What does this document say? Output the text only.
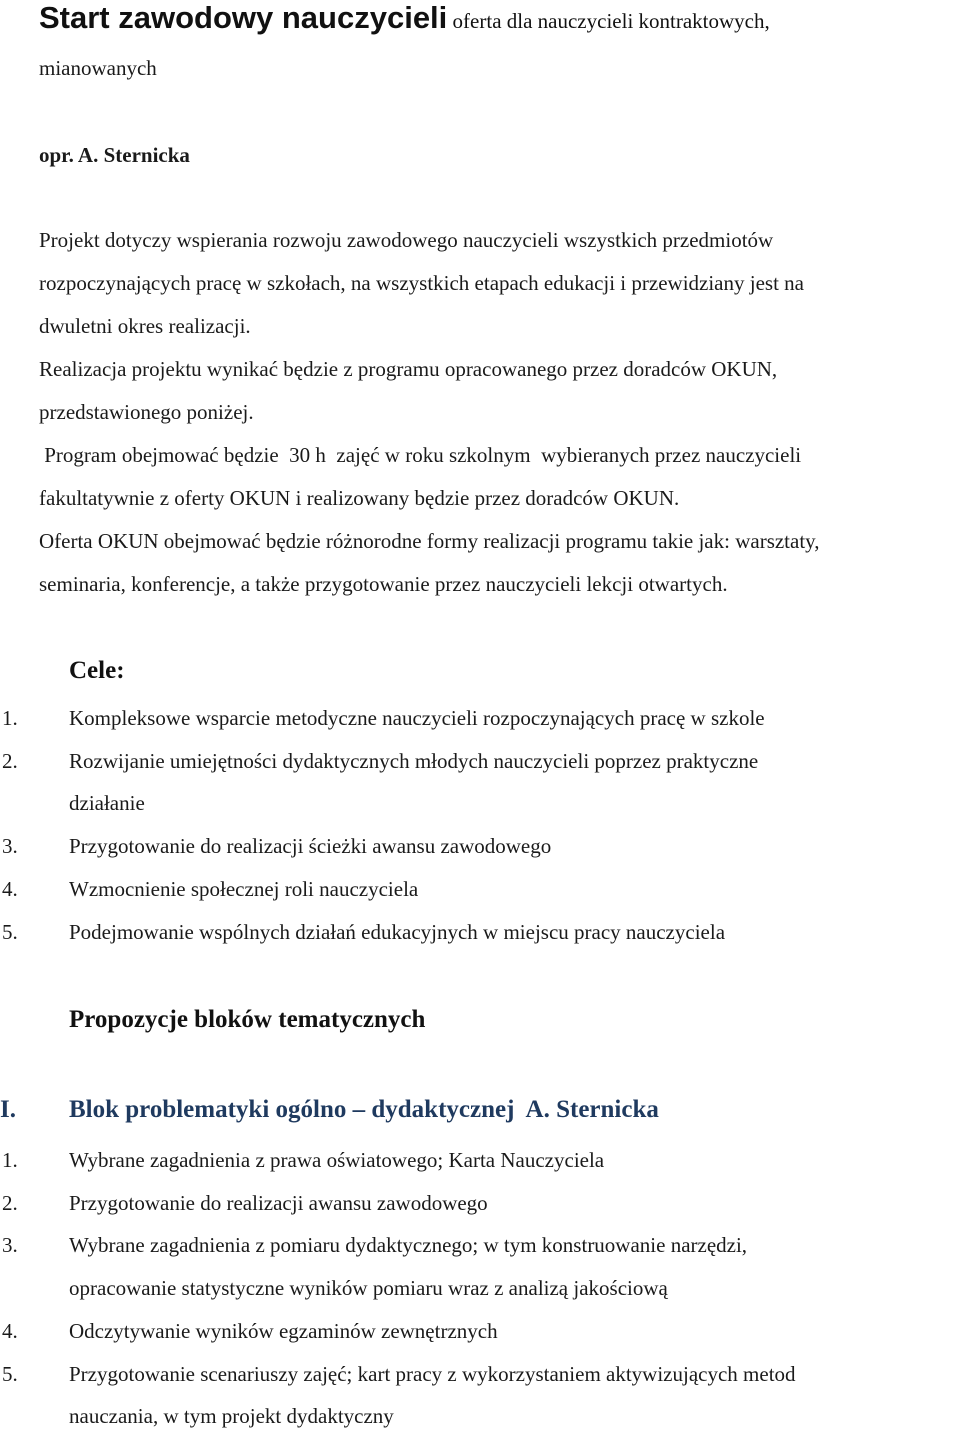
Start zawodowy nauczycieli oferta dla nauczycieli kontraktowych,
mianowanych
opr. A. Sternicka
Projekt dotyczy wspierania rozwoju zawodowego nauczycieli wszystkich przedmiotów
rozpoczynających pracę w szkołach, na wszystkich etapach edukacji i przewidziany jest na
dwuletni okres realizacji.
Realizacja projektu wynikać będzie z programu opracowanego przez doradców OKUN,
przedstawionego poniżej.
Program obejmować będzie  30 h  zajęć w roku szkolnym  wybieranych przez nauczycieli
fakultatywnie z oferty OKUN i realizowany będzie przez doradców OKUN.
Oferta OKUN obejmować będzie różnorodne formy realizacji programu takie jak: warsztaty,
seminaria, konferencje, a także przygotowanie przez nauczycieli lekcji otwartych.
Cele:
1. Kompleksowe wsparcie metodyczne nauczycieli rozpoczynających pracę w szkole
2. Rozwijanie umiejętności dydaktycznych młodych nauczycieli poprzez praktyczne
działanie
3. Przygotowanie do realizacji ścieżki awansu zawodowego
4. Wzmocnienie społecznej roli nauczyciela
5. Podejmowanie wspólnych działań edukacyjnych w miejscu pracy nauczyciela
Propozycje bloków tematycznych
I. Blok problematyki ogólno – dydaktycznej  A. Sternicka
1. Wybrane zagadnienia z prawa oświatowego; Karta Nauczyciela
2. Przygotowanie do realizacji awansu zawodowego
3. Wybrane zagadnienia z pomiaru dydaktycznego; w tym konstruowanie narzędzi,
opracowanie statystyczne wyników pomiaru wraz z analizą jakościową
4. Odczytywanie wyników egzaminów zewnętrznych
5. Przygotowanie scenariuszy zajęć; kart pracy z wykorzystaniem aktywizujących metod
nauczania, w tym projekt dydaktyczny
